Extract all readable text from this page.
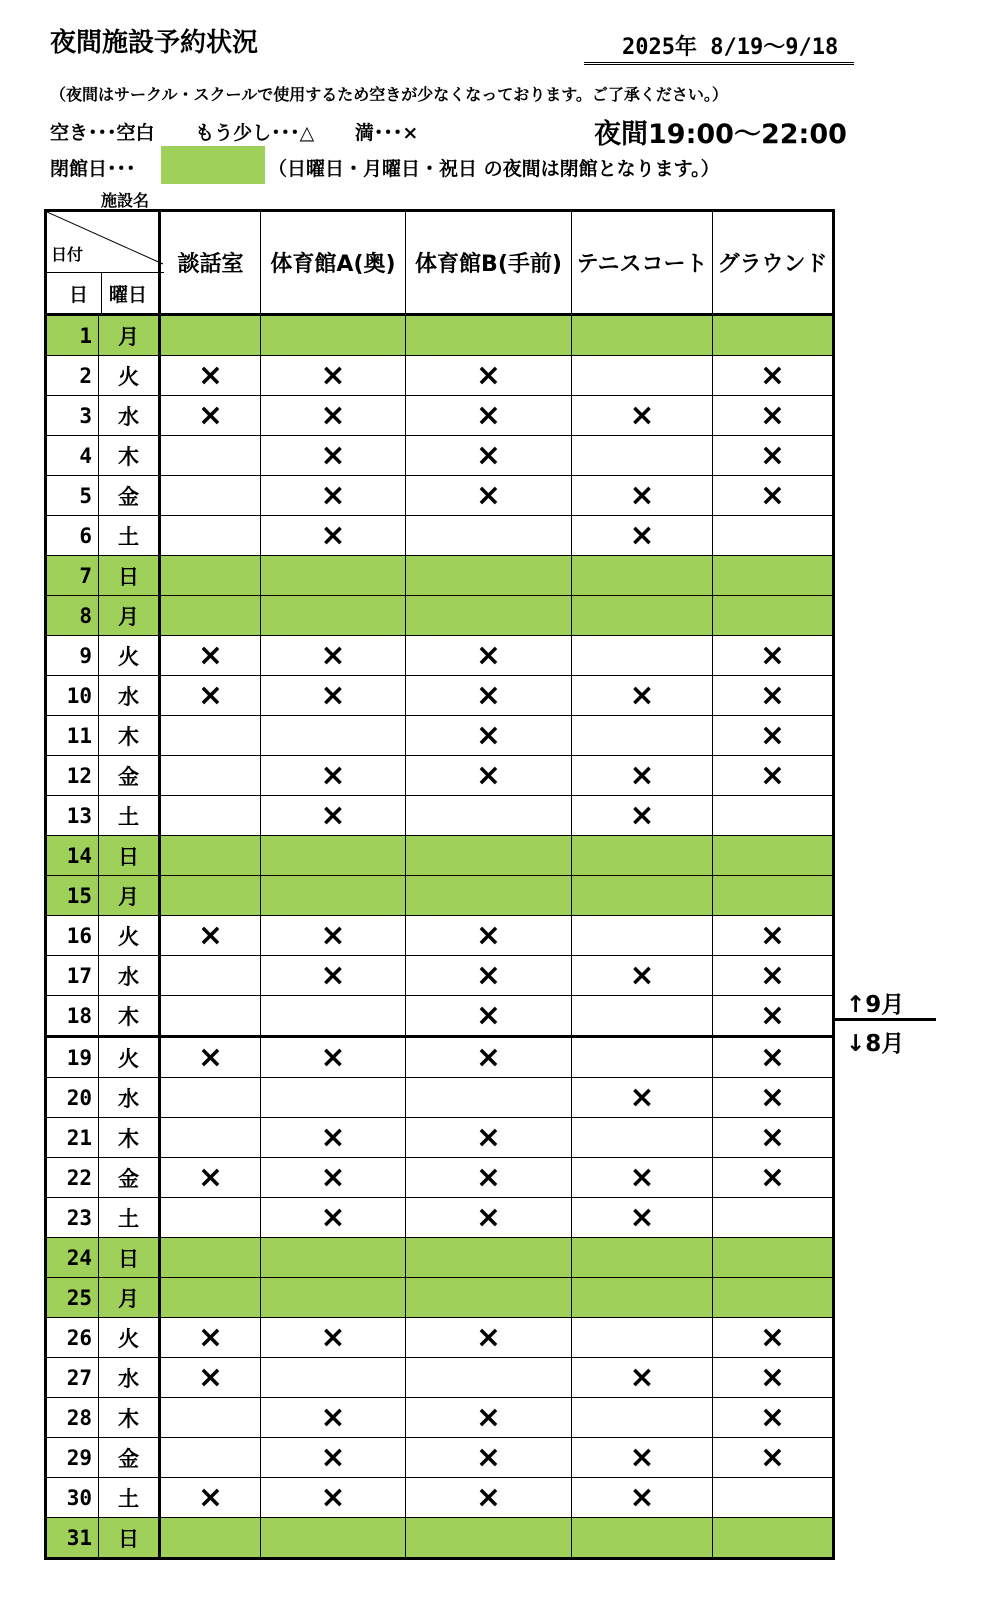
夜間施設予約状況	2025年 8/19～9/18
（夜間はサークル・スクールで使用するため空きが少なくなっております。ご了承ください。）
空き･･･空白 もう少し･･･△ 満･･･×	夜間19:00～22:00
閉館日･･･	（日曜日・月曜日・祝日 の夜間は閉館となります。）
施設名
日付
日 曜日		談話室	体育館A(奥)	体育館B(手前)	テニスコート	グラウンド
1	月					
2	火	×	×	×		×
3	水	×	×	×	×	×
4	木		×	×		×
5	金		×	×	×	×
6	土		×		×	
7	日					
8	月					
9	火	×	×	×		×
10	水	×	×	×	×	×
11	木			×		×
12	金		×	×	×	×
13	土		×		×	
14	日					
15	月					
16	火	×	×	×		×
17	水		×	×	×	×
18	木			×		×
19	火	×	×	×		×
20	水				×	×
21	木		×	×		×
22	金	×	×	×	×	×
23	土		×	×	×	
24	日					
25	月					
26	火	×	×	×		×
27	水	×			×	×
28	木		×	×		×
29	金		×	×	×	×
30	土	×	×	×	×	
31	日					
↑9月
↓8月
